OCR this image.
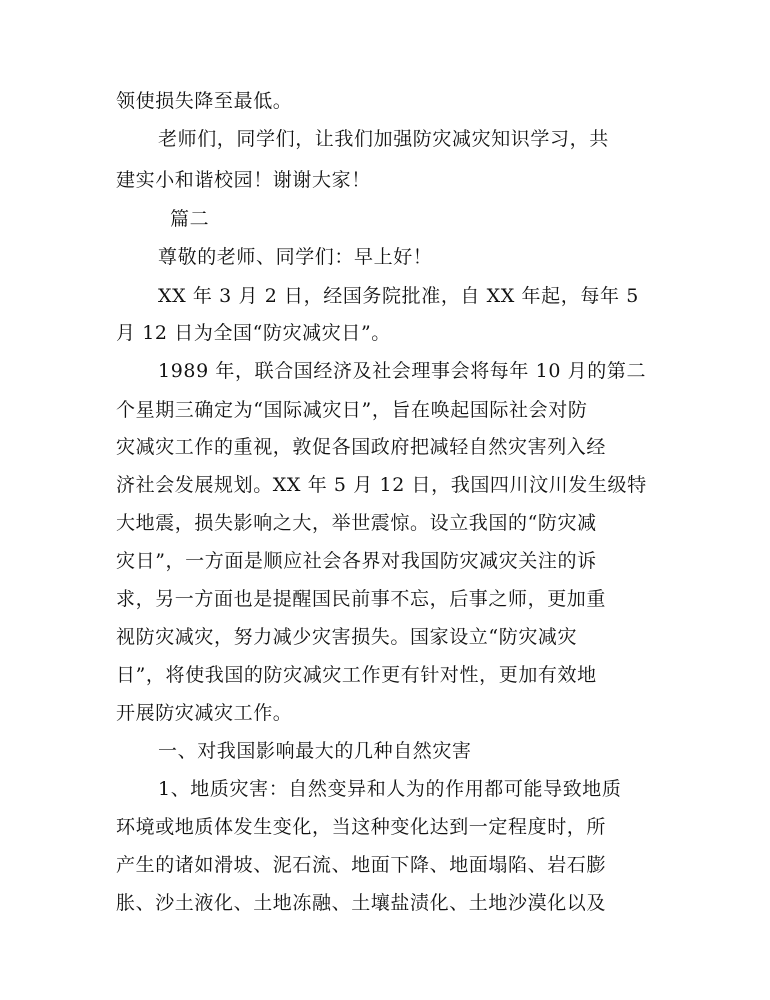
领使损失降至最低。
老师们，同学们，让我们加强防灾减灾知识学习，共
建实小和谐校园！谢谢大家！
篇二
尊敬的老师、同学们：早上好！
XX 年 3 月 2 日，经国务院批准，自 XX 年起，每年 5
月 12 日为全国“防灾减灾日”。
1989 年，联合国经济及社会理事会将每年 10 月的第二
个星期三确定为“国际减灾日”，旨在唤起国际社会对防
灾减灾工作的重视，敦促各国政府把减轻自然灾害列入经
济社会发展规划。XX 年 5 月 12 日，我国四川汶川发生级特
大地震，损失影响之大，举世震惊。设立我国的“防灾减
灾日”，一方面是顺应社会各界对我国防灾减灾关注的诉
求，另一方面也是提醒国民前事不忘，后事之师，更加重
视防灾减灾，努力减少灾害损失。国家设立“防灾减灾
日”，将使我国的防灾减灾工作更有针对性，更加有效地
开展防灾减灾工作。
一、对我国影响最大的几种自然灾害
1、地质灾害：自然变异和人为的作用都可能导致地质
环境或地质体发生变化，当这种变化达到一定程度时，所
产生的诸如滑坡、泥石流、地面下降、地面塌陷、岩石膨
胀、沙土液化、土地冻融、土壤盐渍化、土地沙漠化以及
